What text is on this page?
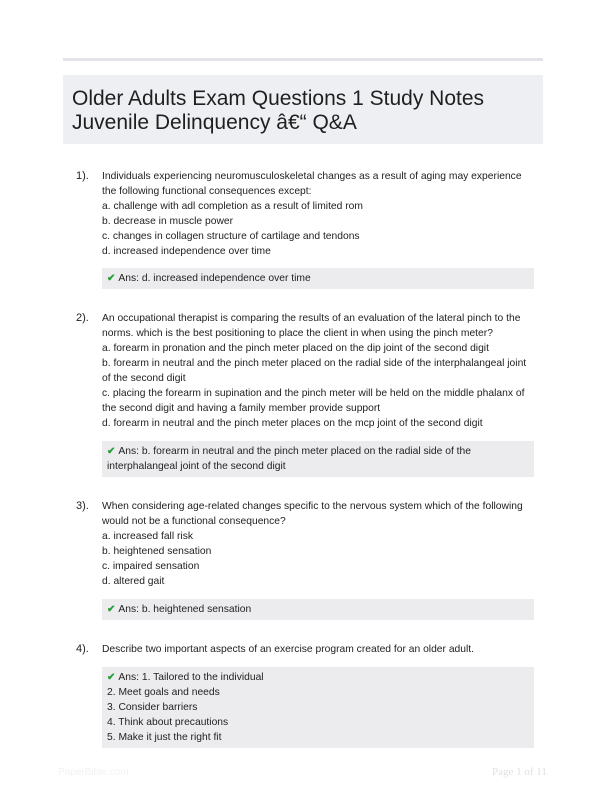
Older Adults Exam Questions 1 Study Notes Juvenile Delinquency â€“ Q&A
1). Individuals experiencing neuromusculoskeletal changes as a result of aging may experience the following functional consequences except:
a. challenge with adl completion as a result of limited rom
b. decrease in muscle power
c. changes in collagen structure of cartilage and tendons
d. increased independence over time
✔ Ans: d. increased independence over time
2). An occupational therapist is comparing the results of an evaluation of the lateral pinch to the norms. which is the best positioning to place the client in when using the pinch meter?
a. forearm in pronation and the pinch meter placed on the dip joint of the second digit
b. forearm in neutral and the pinch meter placed on the radial side of the interphalangeal joint of the second digit
c. placing the forearm in supination and the pinch meter will be held on the middle phalanx of the second digit and having a family member provide support
d. forearm in neutral and the pinch meter places on the mcp joint of the second digit
✔ Ans: b. forearm in neutral and the pinch meter placed on the radial side of the interphalangeal joint of the second digit
3). When considering age-related changes specific to the nervous system which of the following would not be a functional consequence?
a. increased fall risk
b. heightened sensation
c. impaired sensation
d. altered gait
✔ Ans: b. heightened sensation
4). Describe two important aspects of an exercise program created for an older adult.
✔ Ans: 1. Tailored to the individual
2. Meet goals and needs
3. Consider barriers
4. Think about precautions
5. Make it just the right fit
PaperBible.com	Page 1 of 11
